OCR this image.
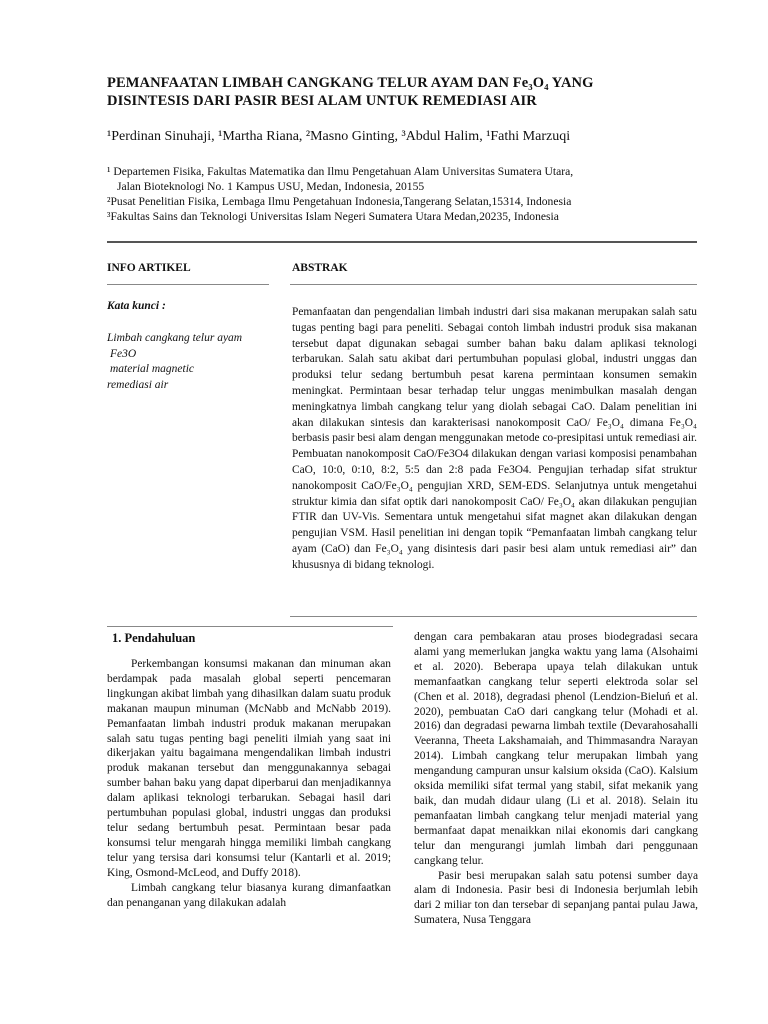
PEMANFAATAN LIMBAH CANGKANG TELUR AYAM DAN Fe₃O₄ YANG
DISINTESIS DARI PASIR BESI ALAM UNTUK REMEDIASI AIR
¹Perdinan Sinuhaji, ¹Martha Riana, ²Masno Ginting, ³Abdul Halim, ¹Fathi Marzuqi
¹ Departemen Fisika, Fakultas Matematika dan Ilmu Pengetahuan Alam Universitas Sumatera Utara,
Jalan Bioteknologi No. 1 Kampus USU, Medan, Indonesia, 20155
²Pusat Penelitian Fisika, Lembaga Ilmu Pengetahuan Indonesia,Tangerang Selatan,15314, Indonesia
³Fakultas Sains dan Teknologi Universitas Islam Negeri Sumatera Utara Medan,20235, Indonesia
INFO ARTIKEL	ABSTRAK
Kata kunci :
Limbah cangkang telur ayam
Fe3O
material magnetic
remediasi air
Pemanfaatan dan pengendalian limbah industri dari sisa makanan merupakan salah satu tugas penting bagi para peneliti. Sebagai contoh limbah industri produk sisa makanan tersebut dapat digunakan sebagai sumber bahan baku dalam aplikasi teknologi terbarukan. Salah satu akibat dari pertumbuhan populasi global, industri unggas dan produksi telur sedang bertumbuh pesat karena permintaan konsumen semakin meningkat. Permintaan besar terhadap telur unggas menimbulkan masalah dengan meningkatnya limbah cangkang telur yang diolah sebagai CaO. Dalam penelitian ini akan dilakukan sintesis dan karakterisasi nanokomposit CaO/ Fe₃O₄ dimana Fe₃O₄ berbasis pasir besi alam dengan menggunakan metode co-presipitasi untuk remediasi air. Pembuatan nanokomposit CaO/Fe3O4 dilakukan dengan variasi komposisi penambahan CaO, 10:0, 0:10, 8:2, 5:5 dan 2:8 pada Fe3O4. Pengujian terhadap sifat struktur nanokomposit CaO/Fe₃O₄ pengujian XRD, SEM-EDS. Selanjutnya untuk mengetahui struktur kimia dan sifat optik dari nanokomposit CaO/ Fe₃O₄ akan dilakukan pengujian FTIR dan UV-Vis. Sementara untuk mengetahui sifat magnet akan dilakukan dengan pengujian VSM. Hasil penelitian ini dengan topik “Pemanfaatan limbah cangkang telur ayam (CaO) dan Fe₃O₄ yang disintesis dari pasir besi alam untuk remediasi air” dan khususnya di bidang teknologi.
1. Pendahuluan

Perkembangan konsumsi makanan dan minuman akan berdampak pada masalah global seperti pencemaran lingkungan akibat limbah yang dihasilkan dalam suatu produk makanan maupun minuman (McNabb and McNabb 2019). Pemanfaatan limbah industri produk makanan merupakan salah satu tugas penting bagi peneliti ilmiah yang saat ini dikerjakan yaitu bagaimana mengendalikan limbah industri produk makanan tersebut dan menggunakannya sebagai sumber bahan baku yang dapat diperbarui dan menjadikannya dalam aplikasi teknologi terbarukan. Sebagai hasil dari pertumbuhan populasi global, industri unggas dan produksi telur sedang bertumbuh pesat. Permintaan besar pada konsumsi telur mengarah hingga memiliki limbah cangkang telur yang tersisa dari konsumsi telur (Kantarli et al. 2019; King, Osmond-McLeod, and Duffy 2018).

Limbah cangkang telur biasanya kurang dimanfaatkan dan penanganan yang dilakukan adalah

dengan cara pembakaran atau proses biodegradasi secara alami yang memerlukan jangka waktu yang lama (Alsohaimi et al. 2020). Beberapa upaya telah dilakukan untuk memanfaatkan cangkang telur seperti elektroda solar sel (Chen et al. 2018), degradasi phenol (Lendzion-Bieluń et al. 2020), pembuatan CaO dari cangkang telur (Mohadi et al. 2016) dan degradasi pewarna limbah textile (Devarahosahalli Veeranna, Theeta Lakshamaiah, and Thimmasandra Narayan 2014). Limbah cangkang telur merupakan limbah yang mengandung campuran unsur kalsium oksida (CaO). Kalsium oksida memiliki sifat termal yang stabil, sifat mekanik yang baik, dan mudah didaur ulang (Li et al. 2018). Selain itu pemanfaatan limbah cangkang telur menjadi material yang bermanfaat dapat menaikkan nilai ekonomis dari cangkang telur dan mengurangi jumlah limbah dari penggunaan cangkang telur.

Pasir besi merupakan salah satu potensi sumber daya alam di Indonesia. Pasir besi di Indonesia berjumlah lebih dari 2 miliar ton dan tersebar di sepanjang pantai pulau Jawa, Sumatera, Nusa Tenggara
